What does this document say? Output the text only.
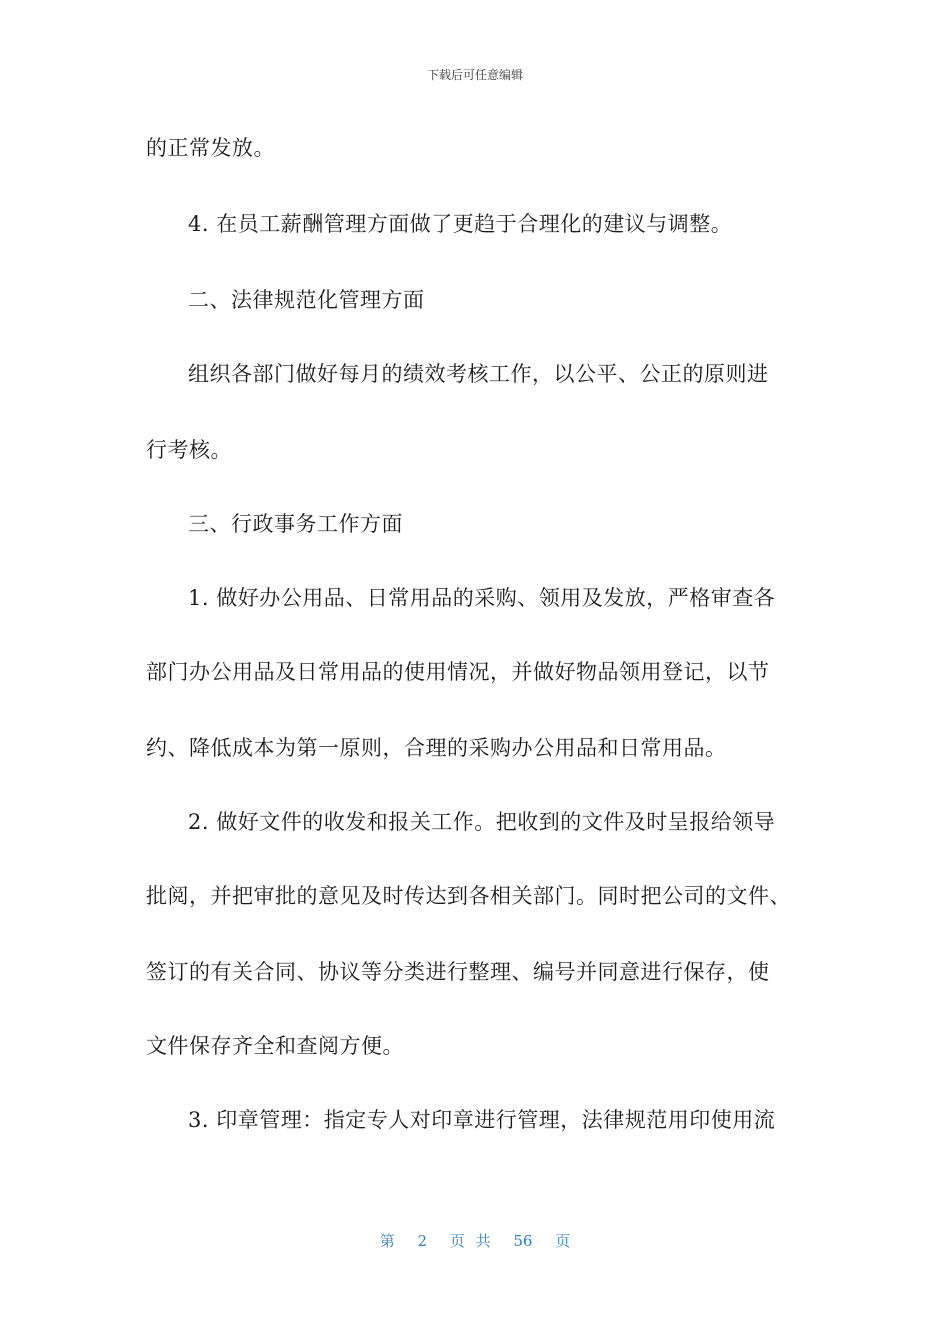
下载后可任意编辑
的正常发放。
4. 在员工薪酬管理方面做了更趋于合理化的建议与调整。
二、法律规范化管理方面
组织各部门做好每月的绩效考核工作，以公平、公正的原则进
行考核。
三、行政事务工作方面
1. 做好办公用品、日常用品的采购、领用及发放，严格审查各
部门办公用品及日常用品的使用情况，并做好物品领用登记，以节
约、降低成本为第一原则，合理的采购办公用品和日常用品。
2. 做好文件的收发和报关工作。把收到的文件及时呈报给领导
批阅，并把审批的意见及时传达到各相关部门。同时把公司的文件、
签订的有关合同、协议等分类进行整理、编号并同意进行保存，使
文件保存齐全和查阅方便。
3. 印章管理：指定专人对印章进行管理，法律规范用印使用流
第 2 页 共 56 页
